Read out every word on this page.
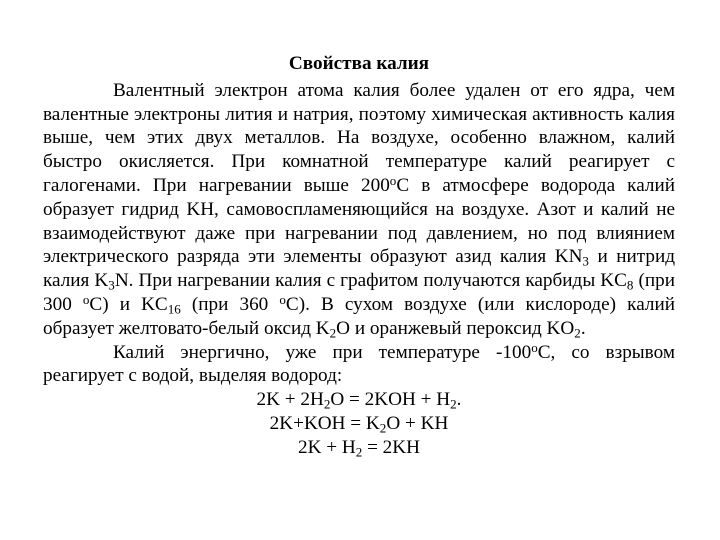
Свойства калия

Валентный электрон атома калия более удален от его ядра, чем валентные электроны лития и натрия, поэтому химическая активность калия выше, чем этих двух металлов. На воздухе, особенно влажном, калий быстро окисляется. При комнатной температуре калий реагирует с галогенами. При нагревании выше 200$^o$C в атмосфере водорода калий образует гидрид KH, самовоспламеняющийся на воздухе. Азот и калий не взаимодействуют даже при нагревании под давлением, но под влиянием электрического разряда эти элементы образуют азид калия $KN_3$ и нитрид калия $K_3N$. При нагревании калия с графитом получаются карбиды $KC_8$ (при 300 $^o$C) и $KC_{16}$ (при 360 $^o$C). В сухом воздухе (или кислороде) калий образует желтовато-белый оксид $K_2O$ и оранжевый пероксид $KO_2$.

Калий энергично, уже при температуре -100$^o$C, со взрывом реагирует с водой, выделяя водород:

$2K + 2H_2O = 2KOH + H_2$.

$2K+KOH = K_2O$ + KH

$2K + H_2 = 2KH$
